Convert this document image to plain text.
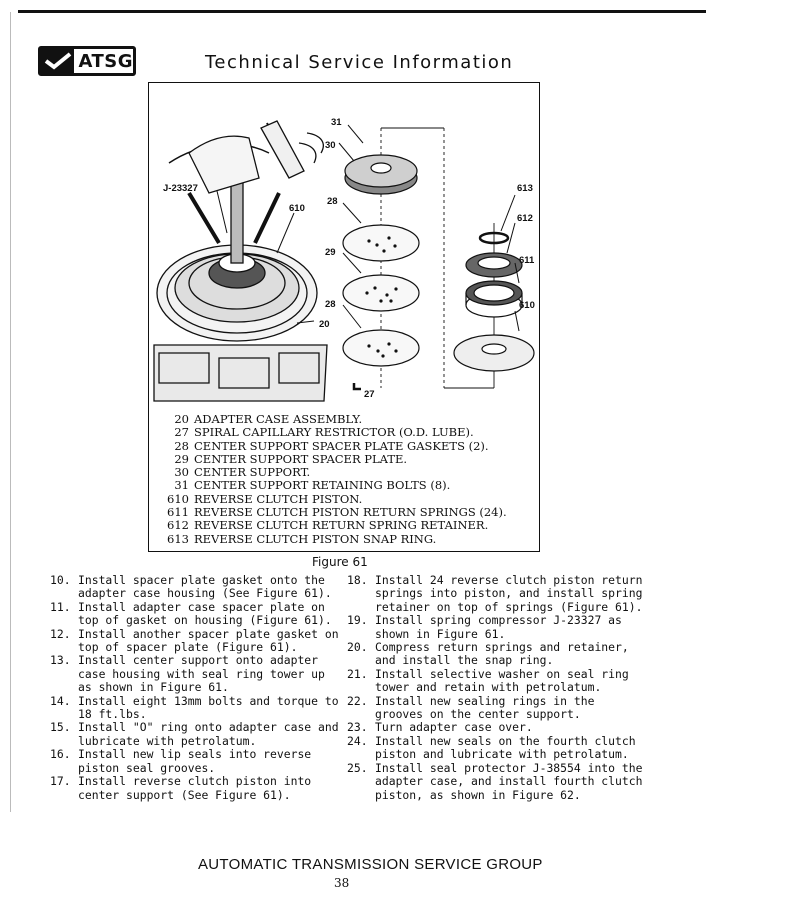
ATSG	Technical Service Information
31
30
28
29
28
20
27
J-23327
610
613
612
611
610
20 ADAPTER CASE ASSEMBLY.
27 SPIRAL CAPILLARY RESTRICTOR (O.D. LUBE).
28 CENTER SUPPORT SPACER PLATE GASKETS (2).
29 CENTER SUPPORT SPACER PLATE.
30 CENTER SUPPORT.
31 CENTER SUPPORT RETAINING BOLTS (8).
610 REVERSE CLUTCH PISTON.
611 REVERSE CLUTCH PISTON RETURN SPRINGS (24).
612 REVERSE CLUTCH RETURN SPRING RETAINER.
613 REVERSE CLUTCH PISTON SNAP RING.
Figure 61
10. Install spacer plate gasket onto the adapter case housing (See Figure 61).
11. Install adapter case spacer plate on top of gasket on housing (Figure 61).
12. Install another spacer plate gasket on top of spacer plate (Figure 61).
13. Install center support onto adapter case housing with seal ring tower up as shown in Figure 61.
14. Install eight 13mm bolts and torque to 18 ft.lbs.
15. Install "O" ring onto adapter case and lubricate with petrolatum.
16. Install new lip seals into reverse piston seal grooves.
17. Install reverse clutch piston into center support (See Figure 61).
18. Install 24 reverse clutch piston return springs into piston, and install spring retainer on top of springs (Figure 61).
19. Install spring compressor J-23327 as shown in Figure 61.
20. Compress return springs and retainer, and install the snap ring.
21. Install selective washer on seal ring tower and retain with petrolatum.
22. Install new sealing rings in the grooves on the center support.
23. Turn adapter case over.
24. Install new seals on the fourth clutch piston and lubricate with petrolatum.
25. Install seal protector J-38554 into the adapter case, and install fourth clutch piston, as shown in Figure 62.
AUTOMATIC TRANSMISSION SERVICE GROUP
38
